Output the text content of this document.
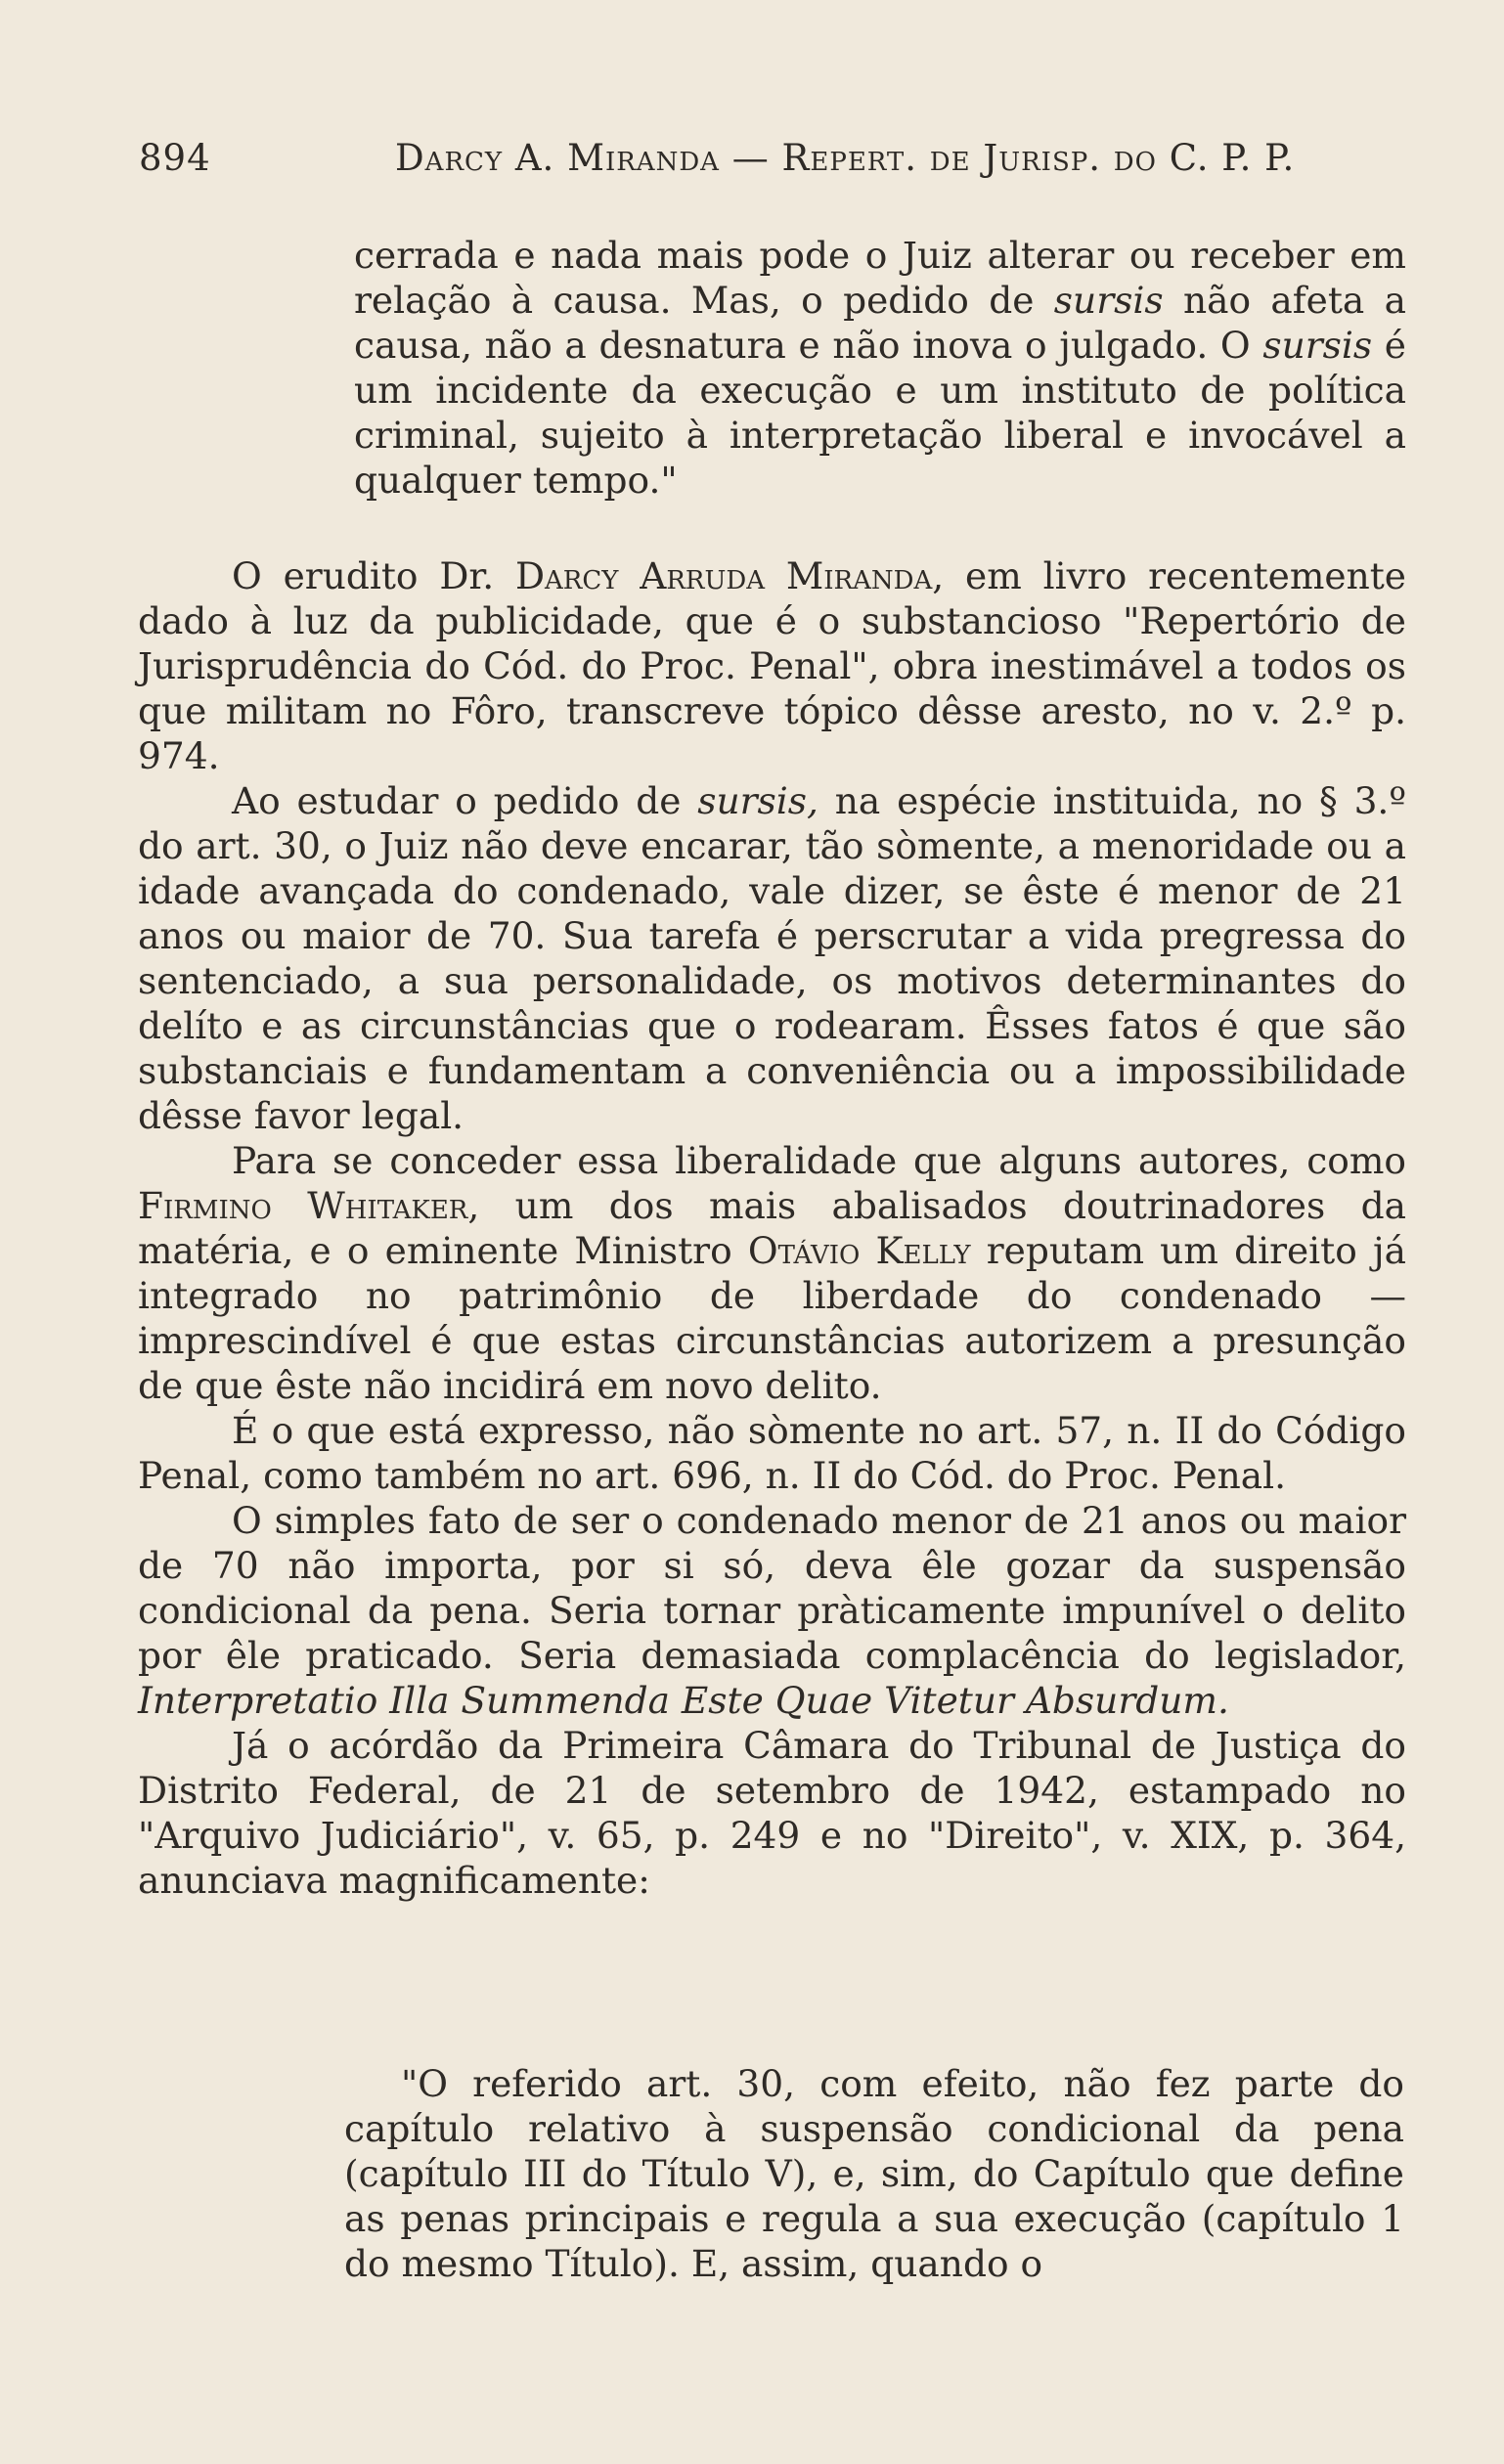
894	Darcy A. Miranda — Repert. de Jurisp. do C. P. P.

cerrada e nada mais pode o Juiz alterar ou receber em relação à causa. Mas, o pedido de sursis não afeta a causa, não a desnatura e não inova o julgado. O sursis é um incidente da execução e um instituto de política criminal, sujeito à interpretação liberal e invocável a qualquer tempo."

O erudito Dr. Darcy Arruda Miranda, em livro recentemente dado à luz da publicidade, que é o substancioso "Repertório de Jurisprudência do Cód. do Proc. Penal", obra inestimável a todos os que militam no Fôro, transcreve tópico dêsse aresto, no v. 2.º p. 974.

Ao estudar o pedido de sursis, na espécie instituida, no § 3.º do art. 30, o Juiz não deve encarar, tão sòmente, a menoridade ou a idade avançada do condenado, vale dizer, se êste é menor de 21 anos ou maior de 70. Sua tarefa é perscrutar a vida pregressa do sentenciado, a sua personalidade, os motivos determinantes do delíto e as circunstâncias que o rodearam. Êsses fatos é que são substanciais e fundamentam a conveniência ou a impossibilidade dêsse favor legal.

Para se conceder essa liberalidade que alguns autores, como Firmino Whitaker, um dos mais abalisados doutrinadores da matéria, e o eminente Ministro Otávio Kelly reputam um direito já integrado no patrimônio de liberdade do condenado — imprescindível é que estas circunstâncias autorizem a presunção de que êste não incidirá em novo delito.

É o que está expresso, não sòmente no art. 57, n. II do Código Penal, como também no art. 696, n. II do Cód. do Proc. Penal.

O simples fato de ser o condenado menor de 21 anos ou maior de 70 não importa, por si só, deva êle gozar da suspensão condicional da pena. Seria tornar pràticamente impunível o delito por êle praticado. Seria demasiada complacência do legislador, Interpretatio Illa Summenda Este Quae Vitetur Absurdum.

Já o acórdão da Primeira Câmara do Tribunal de Justiça do Distrito Federal, de 21 de setembro de 1942, estampado no "Arquivo Judiciário", v. 65, p. 249 e no "Direito", v. XIX, p. 364, anunciava magnificamente:

"O referido art. 30, com efeito, não fez parte do capítulo relativo à suspensão condicional da pena (capítulo III do Título V), e, sim, do Capítulo que define as penas principais e regula a sua execução (capítulo 1 do mesmo Título). E, assim, quando o
